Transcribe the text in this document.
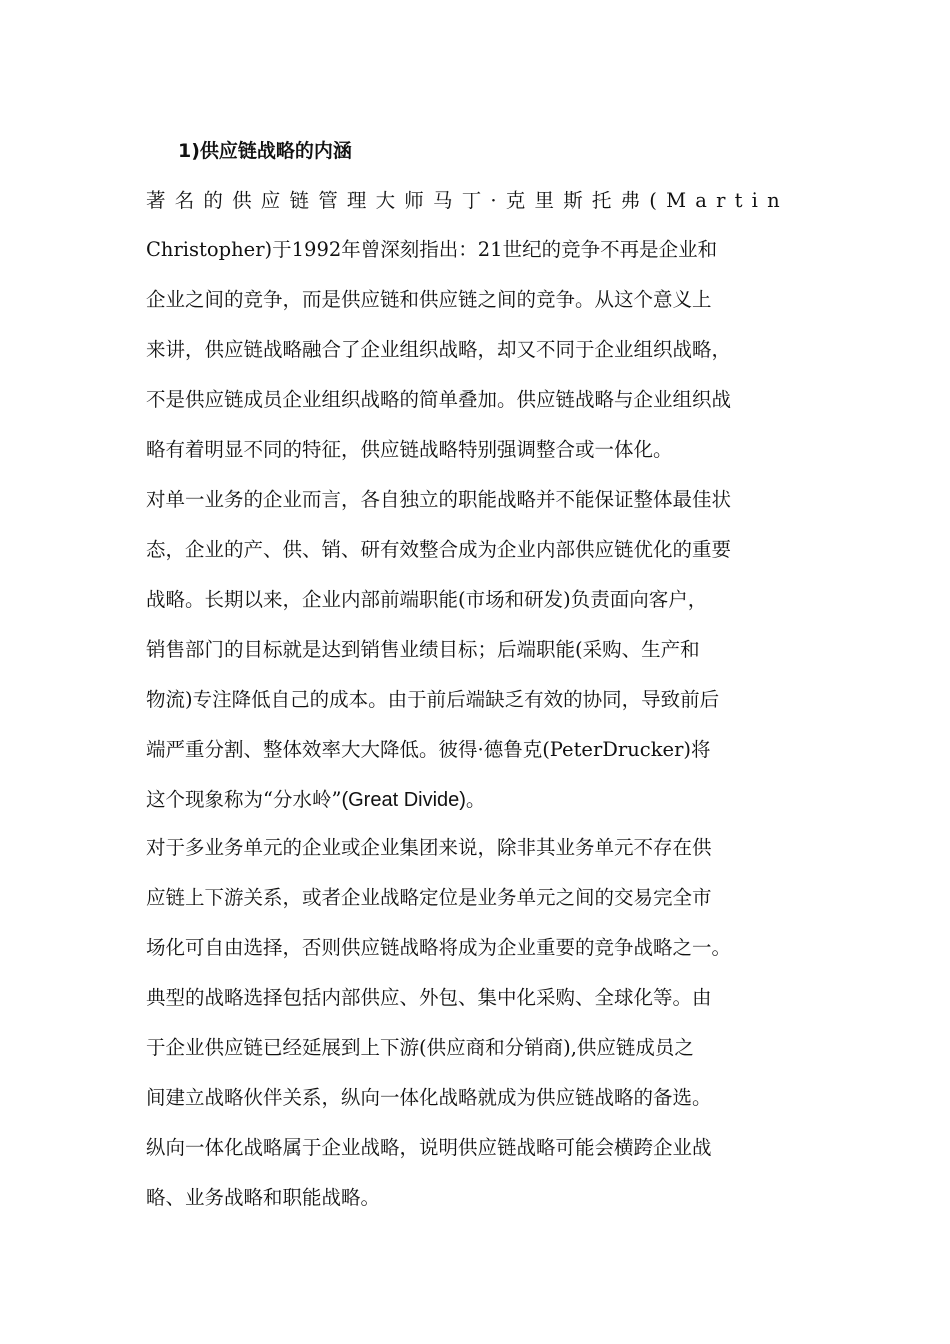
1)供应链战略的内涵
著名的供应链管理大师马丁·克里斯托弗(Martin
Christopher)于1992年曾深刻指出：21世纪的竞争不再是企业和
企业之间的竞争，而是供应链和供应链之间的竞争。从这个意义上
来讲，供应链战略融合了企业组织战略，却又不同于企业组织战略，
不是供应链成员企业组织战略的简单叠加。供应链战略与企业组织战
略有着明显不同的特征，供应链战略特别强调整合或一体化。
对单一业务的企业而言，各自独立的职能战略并不能保证整体最佳状
态，企业的产、供、销、研有效整合成为企业内部供应链优化的重要
战略。长期以来，企业内部前端职能(市场和研发)负责面向客户，
销售部门的目标就是达到销售业绩目标；后端职能(采购、生产和
物流)专注降低自己的成本。由于前后端缺乏有效的协同，导致前后
端严重分割、整体效率大大降低。彼得·德鲁克(PeterDrucker)将
这个现象称为“分水岭”(Great Divide)。
对于多业务单元的企业或企业集团来说，除非其业务单元不存在供
应链上下游关系，或者企业战略定位是业务单元之间的交易完全市
场化可自由选择，否则供应链战略将成为企业重要的竞争战略之一。
典型的战略选择包括内部供应、外包、集中化采购、全球化等。由
于企业供应链已经延展到上下游(供应商和分销商),供应链成员之
间建立战略伙伴关系，纵向一体化战略就成为供应链战略的备选。
纵向一体化战略属于企业战略，说明供应链战略可能会横跨企业战
略、业务战略和职能战略。
